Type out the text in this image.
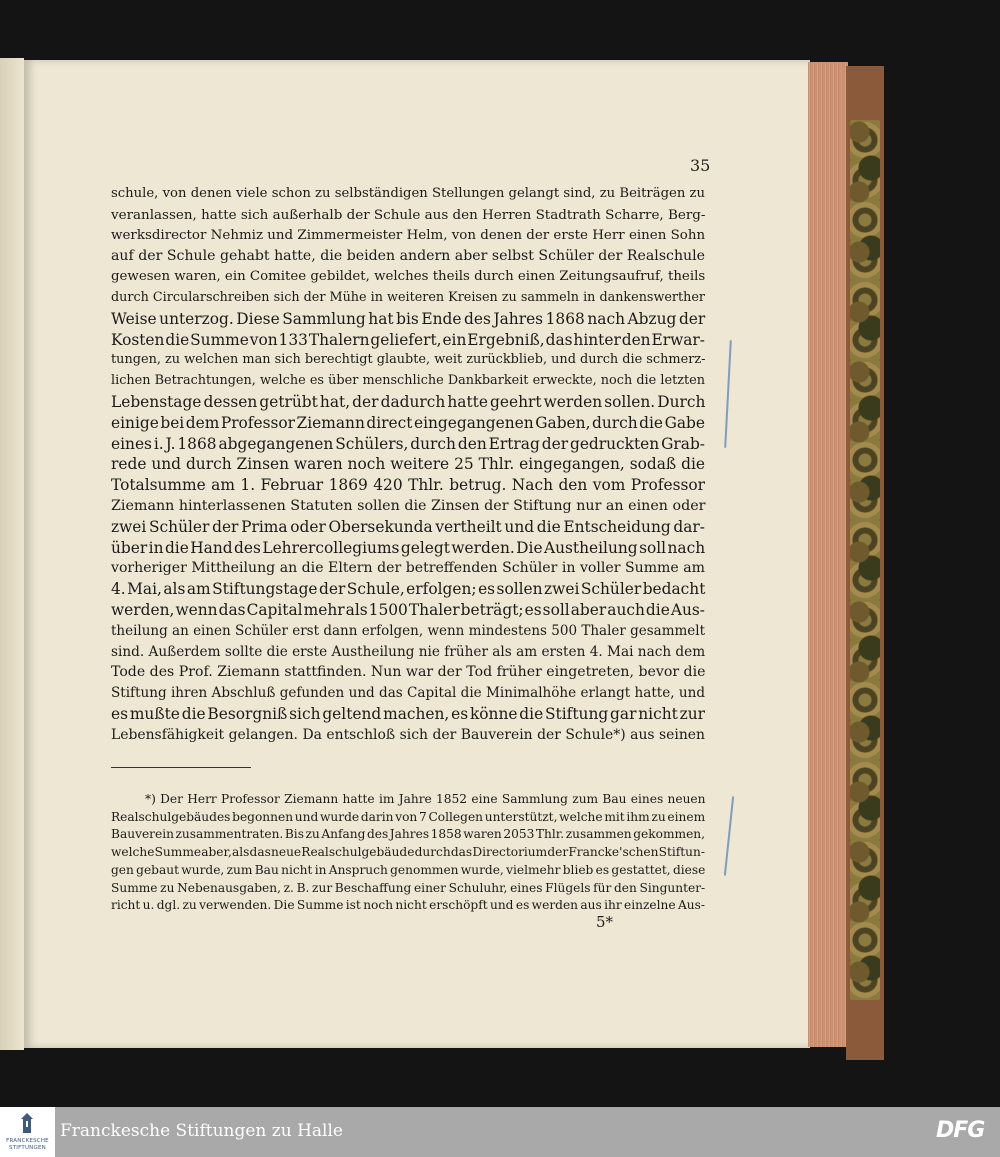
35
schule, von denen viele schon zu selbständigen Stellungen gelangt sind, zu Beiträgen zu
veranlassen, hatte sich außerhalb der Schule aus den Herren Stadtrath Scharre, Berg-
werksdirector Nehmiz und Zimmermeister Helm, von denen der erste Herr einen Sohn
auf der Schule gehabt hatte, die beiden andern aber selbst Schüler der Realschule
gewesen waren, ein Comitee gebildet, welches theils durch einen Zeitungsaufruf, theils
durch Circularschreiben sich der Mühe in weiteren Kreisen zu sammeln in dankenswerther
Weise unterzog. Diese Sammlung hat bis Ende des Jahres 1868 nach Abzug der
Kosten die Summe von 133 Thalern geliefert, ein Ergebniß, das hinter den Erwar-
tungen, zu welchen man sich berechtigt glaubte, weit zurückblieb, und durch die schmerz-
lichen Betrachtungen, welche es über menschliche Dankbarkeit erweckte, noch die letzten
Lebenstage dessen getrübt hat, der dadurch hatte geehrt werden sollen. Durch
einige bei dem Professor Ziemann direct eingegangenen Gaben, durch die Gabe
eines i. J. 1868 abgegangenen Schülers, durch den Ertrag der gedruckten Grab-
rede und durch Zinsen waren noch weitere 25 Thlr. eingegangen, sodaß die
Totalsumme am 1. Februar 1869 420 Thlr. betrug. Nach den vom Professor
Ziemann hinterlassenen Statuten sollen die Zinsen der Stiftung nur an einen oder
zwei Schüler der Prima oder Obersekunda vertheilt und die Entscheidung dar-
über in die Hand des Lehrercollegiums gelegt werden. Die Austheilung soll nach
vorheriger Mittheilung an die Eltern der betreffenden Schüler in voller Summe am
4. Mai, als am Stiftungstage der Schule, erfolgen; es sollen zwei Schüler bedacht
werden, wenn das Capital mehr als 1500 Thaler beträgt; es soll aber auch die Aus-
theilung an einen Schüler erst dann erfolgen, wenn mindestens 500 Thaler gesammelt
sind. Außerdem sollte die erste Austheilung nie früher als am ersten 4. Mai nach dem
Tode des Prof. Ziemann stattfinden. Nun war der Tod früher eingetreten, bevor die
Stiftung ihren Abschluß gefunden und das Capital die Minimalhöhe erlangt hatte, und
es mußte die Besorgniß sich geltend machen, es könne die Stiftung gar nicht zur
Lebensfähigkeit gelangen. Da entschloß sich der Bauverein der Schule*) aus seinen
*) Der Herr Professor Ziemann hatte im Jahre 1852 eine Sammlung zum Bau eines neuen
Realschulgebäudes begonnen und wurde darin von 7 Collegen unterstützt, welche mit ihm zu einem
Bauverein zusammentraten. Bis zu Anfang des Jahres 1858 waren 2053 Thlr. zusammen gekommen,
welche Summe aber, als das neue Realschulgebäude durch das Directorium der Francke'schen Stiftun-
gen gebaut wurde, zum Bau nicht in Anspruch genommen wurde, vielmehr blieb es gestattet, diese
Summe zu Nebenausgaben, z. B. zur Beschaffung einer Schuluhr, eines Flügels für den Singunter-
richt u. dgl. zu verwenden. Die Summe ist noch nicht erschöpft und es werden aus ihr einzelne Aus-
5*
FRANCKESCHE STIFTUNGEN
Franckesche Stiftungen zu Halle	DFG
